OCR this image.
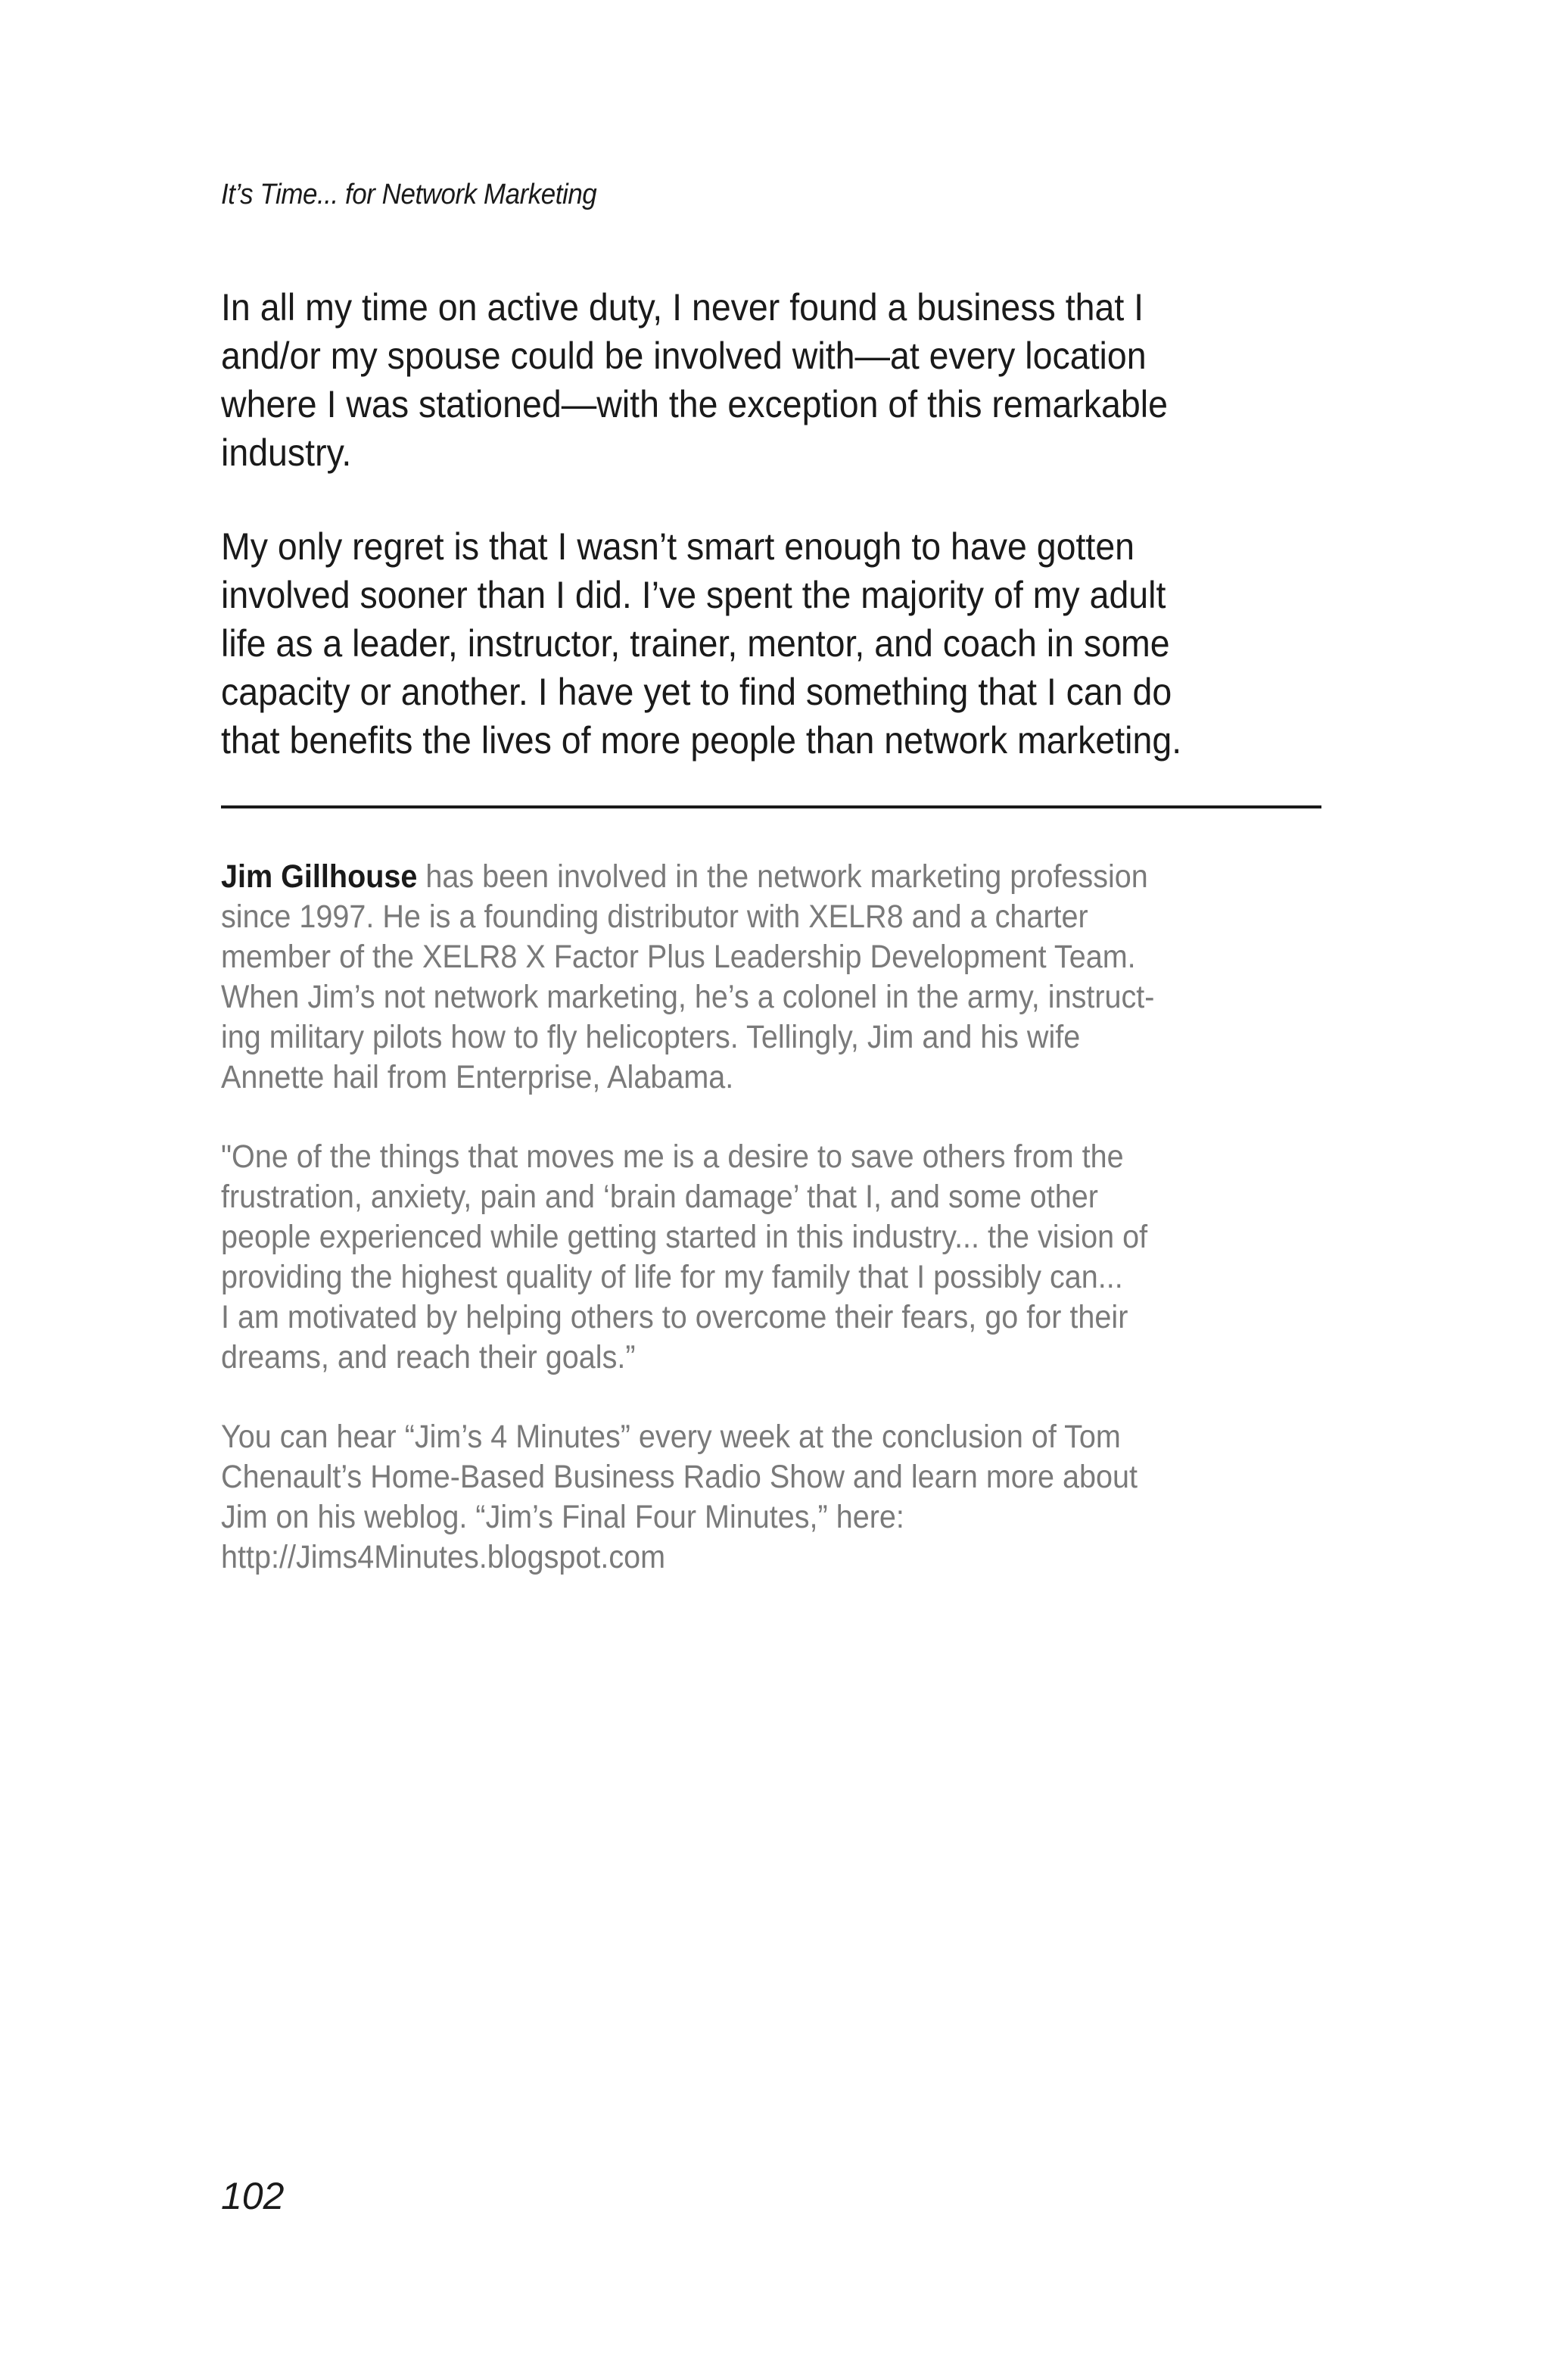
It’s Time... for Network Marketing

In all my time on active duty, I never found a business that I
and/or my spouse could be involved with—at every location
where I was stationed—with the exception of this remarkable
industry.

My only regret is that I wasn’t smart enough to have gotten
involved sooner than I did. I’ve spent the majority of my adult
life as a leader, instructor, trainer, mentor, and coach in some
capacity or another. I have yet to find something that I can do
that benefits the lives of more people than network marketing.

Jim Gillhouse has been involved in the network marketing profession
since 1997. He is a founding distributor with XELR8 and a charter
member of the XELR8 X Factor Plus Leadership Development Team.
When Jim’s not network marketing, he’s a colonel in the army, instruct-
ing military pilots how to fly helicopters. Tellingly, Jim and his wife
Annette hail from Enterprise, Alabama.

"One of the things that moves me is a desire to save others from the
frustration, anxiety, pain and ‘brain damage’ that I, and some other
people experienced while getting started in this industry... the vision of
providing the highest quality of life for my family that I possibly can...
I am motivated by helping others to overcome their fears, go for their
dreams, and reach their goals.”

You can hear “Jim’s 4 Minutes” every week at the conclusion of Tom
Chenault’s Home-Based Business Radio Show and learn more about
Jim on his weblog. “Jim’s Final Four Minutes,” here:
http://Jims4Minutes.blogspot.com

102
